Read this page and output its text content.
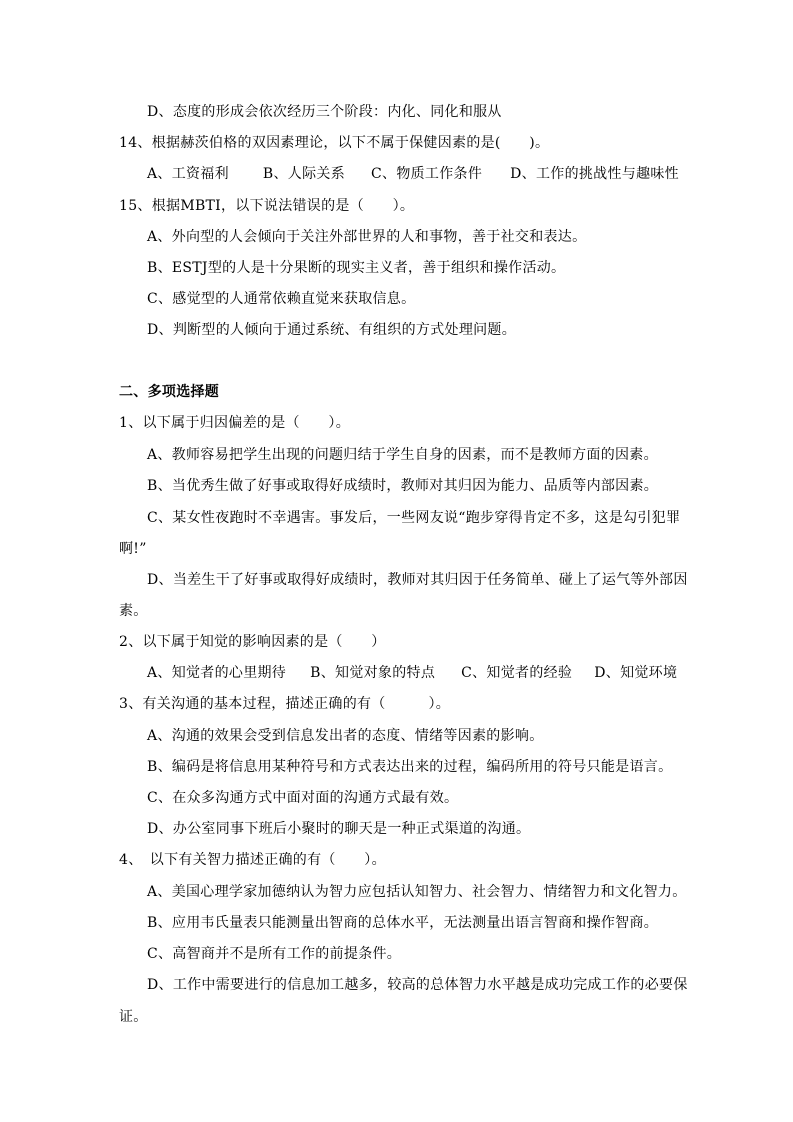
D、态度的形成会依次经历三个阶段：内化、同化和服从
14、根据赫茨伯格的双因素理论，以下不属于保健因素的是(　　)。
A、工资福利 B、人际关系 C、物质工作条件 D、工作的挑战性与趣味性
15、根据MBTI，以下说法错误的是（　　）。
A、外向型的人会倾向于关注外部世界的人和事物，善于社交和表达。
B、ESTJ型的人是十分果断的现实主义者，善于组织和操作活动。
C、感觉型的人通常依赖直觉来获取信息。
D、判断型的人倾向于通过系统、有组织的方式处理问题。
二、多项选择题
1、以下属于归因偏差的是（　　）。
A、教师容易把学生出现的问题归结于学生自身的因素，而不是教师方面的因素。
B、当优秀生做了好事或取得好成绩时，教师对其归因为能力、品质等内部因素。
C、某女性夜跑时不幸遇害。事发后，一些网友说“跑步穿得肯定不多，这是勾引犯罪
啊!”
D、当差生干了好事或取得好成绩时，教师对其归因于任务简单、碰上了运气等外部因
素。
2、以下属于知觉的影响因素的是（　　）
A、知觉者的心里期待 B、知觉对象的特点 C、知觉者的经验 D、知觉环境
3、有关沟通的基本过程，描述正确的有（　　　）。
A、沟通的效果会受到信息发出者的态度、情绪等因素的影响。
B、编码是将信息用某种符号和方式表达出来的过程，编码所用的符号只能是语言。
C、在众多沟通方式中面对面的沟通方式最有效。
D、办公室同事下班后小聚时的聊天是一种正式渠道的沟通。
4、　以下有关智力描述正确的有（　　）。
A、美国心理学家加德纳认为智力应包括认知智力、社会智力、情绪智力和文化智力。
B、应用韦氏量表只能测量出智商的总体水平，无法测量出语言智商和操作智商。
C、高智商并不是所有工作的前提条件。
D、工作中需要进行的信息加工越多，较高的总体智力水平越是成功完成工作的必要保
证。
